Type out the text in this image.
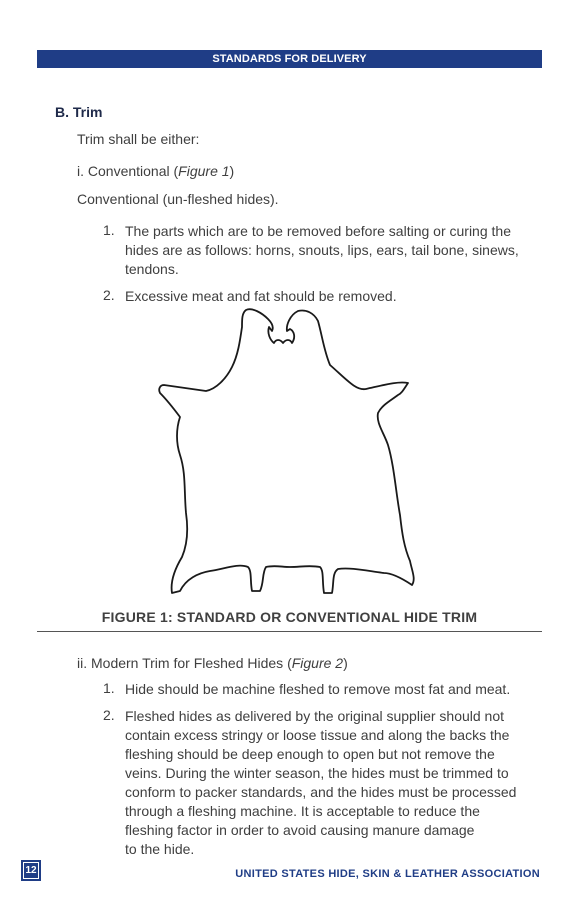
STANDARDS FOR DELIVERY
B. Trim
Trim shall be either:
i. Conventional (Figure 1)
Conventional (un-fleshed hides).
1. The parts which are to be removed before salting or curing the
hides are as follows: horns, snouts, lips, ears, tail bone, sinews,
tendons.
2. Excessive meat and fat should be removed.
FIGURE 1: STANDARD OR CONVENTIONAL HIDE TRIM
ii. Modern Trim for Fleshed Hides (Figure 2)
1. Hide should be machine fleshed to remove most fat and meat.
2. Fleshed hides as delivered by the original supplier should not
contain excess stringy or loose tissue and along the backs the
fleshing should be deep enough to open but not remove the
veins. During the winter season, the hides must be trimmed to
conform to packer standards, and the hides must be processed
through a fleshing machine. It is acceptable to reduce the
fleshing factor in order to avoid causing manure damage
to the hide.
12	UNITED STATES HIDE, SKIN & LEATHER ASSOCIATION
